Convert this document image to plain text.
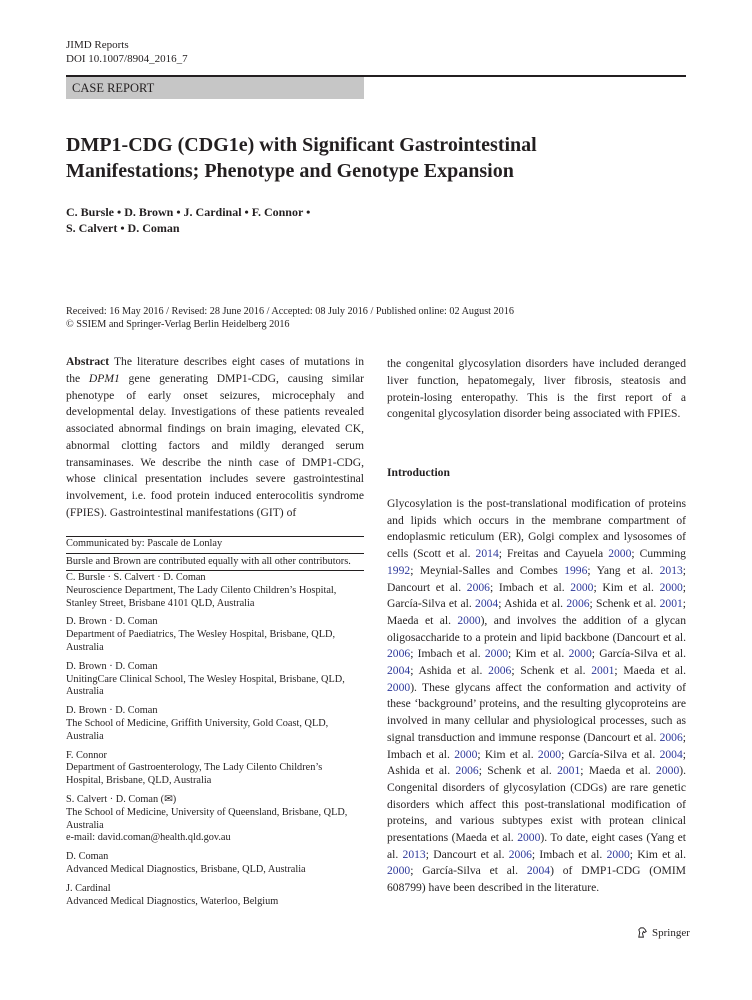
JIMD Reports
DOI 10.1007/8904_2016_7
CASE REPORT
DMP1-CDG (CDG1e) with Significant Gastrointestinal
Manifestations; Phenotype and Genotype Expansion
C. Bursle • D. Brown • J. Cardinal • F. Connor •
S. Calvert • D. Coman
Received: 16 May 2016 / Revised: 28 June 2016 / Accepted: 08 July 2016 / Published online: 02 August 2016
© SSIEM and Springer-Verlag Berlin Heidelberg 2016

Abstract The literature describes eight cases of mutations in the DPM1 gene generating DMP1-CDG, causing similar phenotype of early onset seizures, microcephaly and developmental delay. Investigations of these patients revealed associated abnormal findings on brain imaging, elevated CK, abnormal clotting factors and mildly deranged serum transaminases. We describe the ninth case of DMP1-CDG, whose clinical presentation includes severe gastrointestinal involvement, i.e. food protein induced enterocolitis syndrome (FPIES). Gastrointestinal manifestations (GIT) of

the congenital glycosylation disorders have included deranged liver function, hepatomegaly, liver fibrosis, steatosis and protein-losing enteropathy. This is the first report of a congenital glycosylation disorder being associated with FPIES.

Introduction

Glycosylation is the post-translational modification of proteins and lipids which occurs in the membrane compartment of endoplasmic reticulum (ER), Golgi complex and lysosomes of cells (Scott et al. 2014; Freitas and Cayuela 2000; Cumming 1992; Meynial-Salles and Combes 1996; Yang et al. 2013; Dancourt et al. 2006; Imbach et al. 2000; Kim et al. 2000; García-Silva et al. 2004; Ashida et al. 2006; Schenk et al. 2001; Maeda et al. 2000), and involves the addition of a glycan oligosaccharide to a protein and lipid backbone (Dancourt et al. 2006; Imbach et al. 2000; Kim et al. 2000; García-Silva et al. 2004; Ashida et al. 2006; Schenk et al. 2001; Maeda et al. 2000). These glycans affect the conformation and activity of these ‘background’ proteins, and the resulting glycoproteins are involved in many cellular and physiological processes, such as signal transduction and immune response (Dancourt et al. 2006; Imbach et al. 2000; Kim et al. 2000; García-Silva et al. 2004; Ashida et al. 2006; Schenk et al. 2001; Maeda et al. 2000). Congenital disorders of glycosylation (CDGs) are rare genetic disorders which affect this post-translational modification of proteins, and various subtypes exist with protean clinical presentations (Maeda et al. 2000). To date, eight cases (Yang et al. 2013; Dancourt et al. 2006; Imbach et al. 2000; Kim et al. 2000; García-Silva et al. 2004) of DMP1-CDG (OMIM 608799) have been described in the literature.

Communicated by: Pascale de Lonlay
Bursle and Brown are contributed equally with all other contributors.
C. Bursle · S. Calvert · D. Coman
Neuroscience Department, The Lady Cilento Children’s Hospital,
Stanley Street, Brisbane 4101 QLD, Australia
D. Brown · D. Coman
Department of Paediatrics, The Wesley Hospital, Brisbane, QLD,
Australia
D. Brown · D. Coman
UnitingCare Clinical School, The Wesley Hospital, Brisbane, QLD,
Australia
D. Brown · D. Coman
The School of Medicine, Griffith University, Gold Coast, QLD,
Australia
F. Connor
Department of Gastroenterology, The Lady Cilento Children’s
Hospital, Brisbane, QLD, Australia
S. Calvert · D. Coman (✉)
The School of Medicine, University of Queensland, Brisbane, QLD,
Australia
e-mail: david.coman@health.qld.gov.au
D. Coman
Advanced Medical Diagnostics, Brisbane, QLD, Australia
J. Cardinal
Advanced Medical Diagnostics, Waterloo, Belgium
Springer
